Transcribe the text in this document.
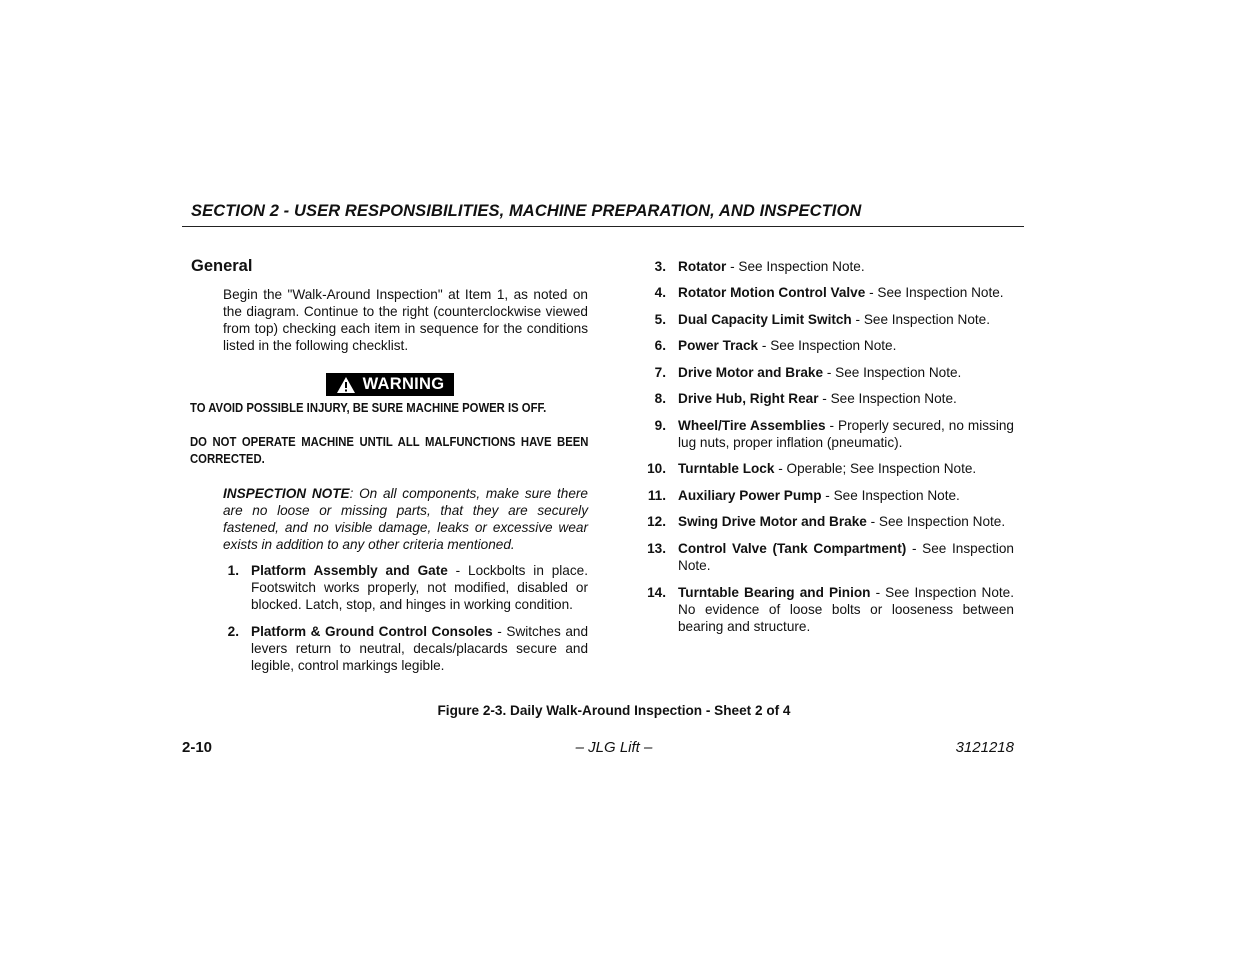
SECTION 2 - USER RESPONSIBILITIES, MACHINE PREPARATION, AND INSPECTION
General
Begin the "Walk-Around Inspection" at Item 1, as noted on the diagram. Continue to the right (counterclockwise viewed from top) checking each item in sequence for the conditions listed in the following checklist.
WARNING
TO AVOID POSSIBLE INJURY, BE SURE MACHINE POWER IS OFF.
DO NOT OPERATE MACHINE UNTIL ALL MALFUNCTIONS HAVE BEEN CORRECTED.
INSPECTION NOTE: On all components, make sure there are no loose or missing parts, that they are securely fastened, and no visible damage, leaks or excessive wear exists in addition to any other criteria mentioned.
1. Platform Assembly and Gate - Lockbolts in place. Footswitch works properly, not modified, disabled or blocked. Latch, stop, and hinges in working condition.
2. Platform & Ground Control Consoles - Switches and levers return to neutral, decals/placards secure and legible, control markings legible.
3. Rotator - See Inspection Note.
4. Rotator Motion Control Valve - See Inspection Note.
5. Dual Capacity Limit Switch - See Inspection Note.
6. Power Track - See Inspection Note.
7. Drive Motor and Brake - See Inspection Note.
8. Drive Hub, Right Rear - See Inspection Note.
9. Wheel/Tire Assemblies - Properly secured, no missing lug nuts, proper inflation (pneumatic).
10. Turntable Lock - Operable; See Inspection Note.
11. Auxiliary Power Pump - See Inspection Note.
12. Swing Drive Motor and Brake - See Inspection Note.
13. Control Valve (Tank Compartment) - See Inspection Note.
14. Turntable Bearing and Pinion - See Inspection Note. No evidence of loose bolts or looseness between bearing and structure.
Figure 2-3. Daily Walk-Around Inspection - Sheet 2 of 4
2-10	– JLG Lift –	3121218
